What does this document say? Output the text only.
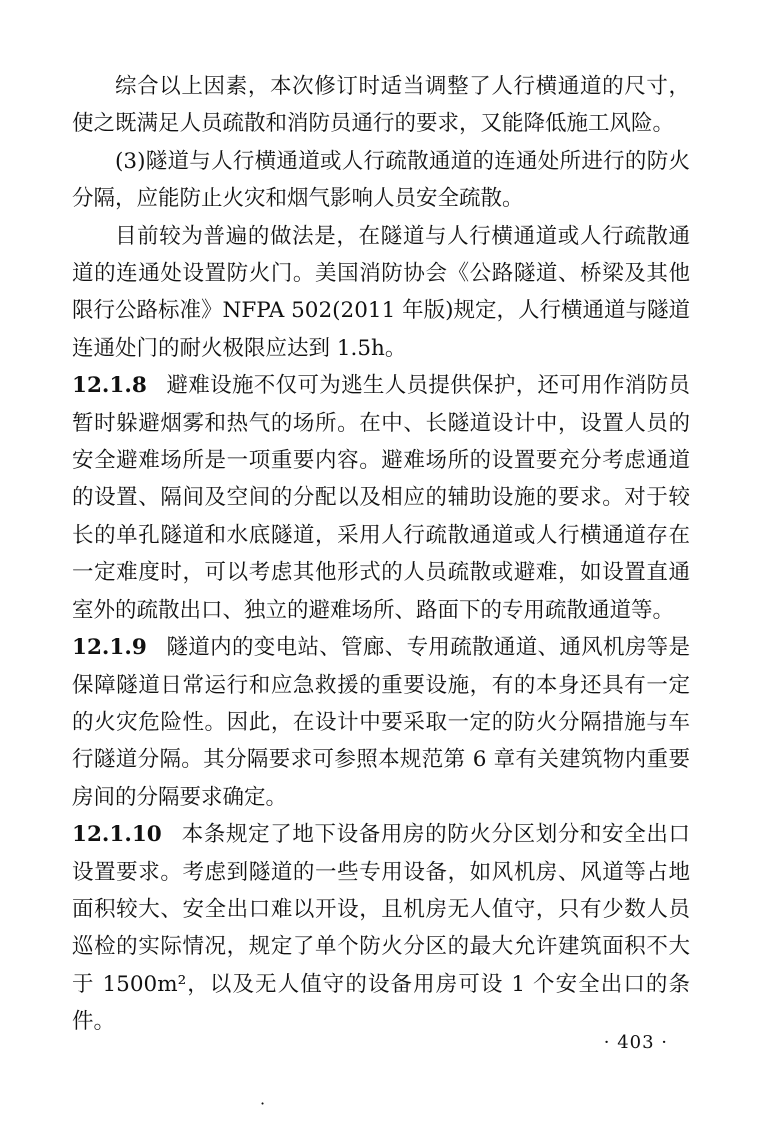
综合以上因素，本次修订时适当调整了人行横通道的尺寸，使之既满足人员疏散和消防员通行的要求，又能降低施工风险。

(3)隧道与人行横通道或人行疏散通道的连通处所进行的防火分隔，应能防止火灾和烟气影响人员安全疏散。

目前较为普遍的做法是，在隧道与人行横通道或人行疏散通道的连通处设置防火门。美国消防协会《公路隧道、桥梁及其他限行公路标准》NFPA 502(2011 年版)规定，人行横通道与隧道连通处门的耐火极限应达到 1.5h。

12.1.8 避难设施不仅可为逃生人员提供保护，还可用作消防员暂时躲避烟雾和热气的场所。在中、长隧道设计中，设置人员的安全避难场所是一项重要内容。避难场所的设置要充分考虑通道的设置、隔间及空间的分配以及相应的辅助设施的要求。对于较长的单孔隧道和水底隧道，采用人行疏散通道或人行横通道存在一定难度时，可以考虑其他形式的人员疏散或避难，如设置直通室外的疏散出口、独立的避难场所、路面下的专用疏散通道等。

12.1.9 隧道内的变电站、管廊、专用疏散通道、通风机房等是保障隧道日常运行和应急救援的重要设施，有的本身还具有一定的火灾危险性。因此，在设计中要采取一定的防火分隔措施与车行隧道分隔。其分隔要求可参照本规范第 6 章有关建筑物内重要房间的分隔要求确定。

12.1.10 本条规定了地下设备用房的防火分区划分和安全出口设置要求。考虑到隧道的一些专用设备，如风机房、风道等占地面积较大、安全出口难以开设，且机房无人值守，只有少数人员巡检的实际情况，规定了单个防火分区的最大允许建筑面积不大于 1500m²，以及无人值守的设备用房可设 1 个安全出口的条件。

· 403 ·
·
